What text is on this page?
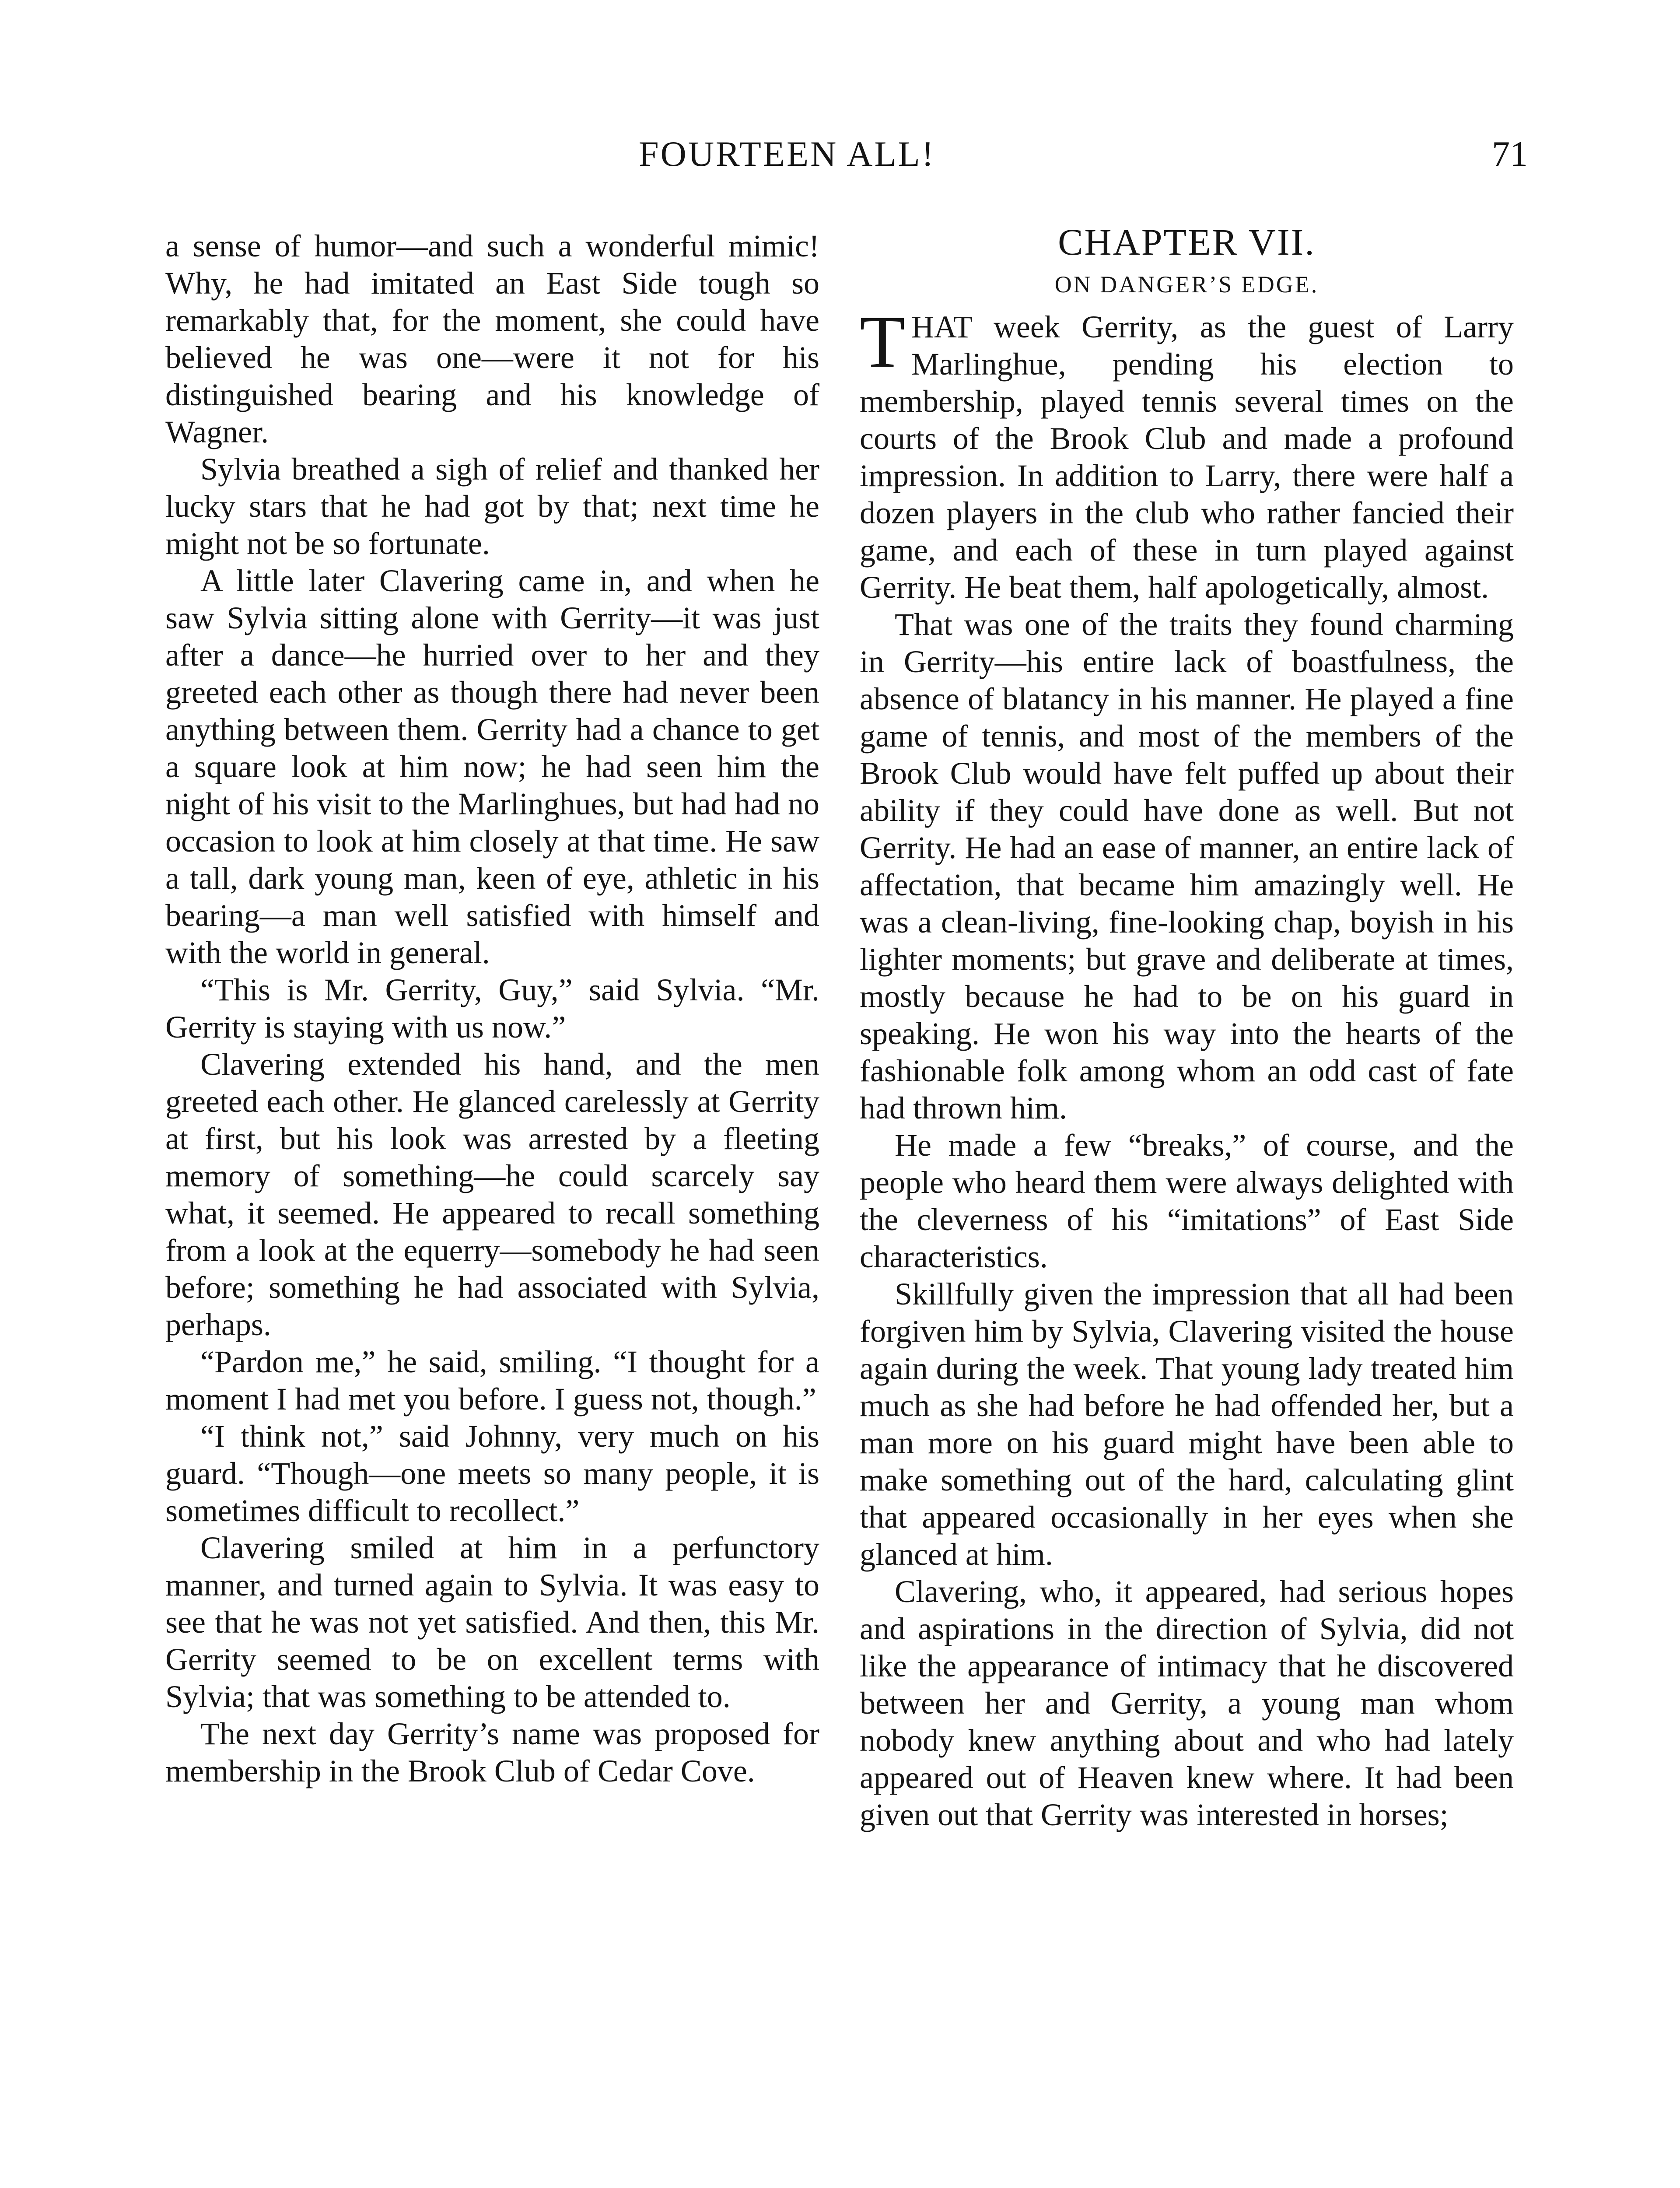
FOURTEEN ALL!	71

a sense of humor—and such a wonderful mimic! Why, he had imitated an East Side tough so remarkably that, for the moment, she could have believed he was one—were it not for his distinguished bearing and his knowledge of Wagner.

Sylvia breathed a sigh of relief and thanked her lucky stars that he had got by that; next time he might not be so fortunate.

A little later Clavering came in, and when he saw Sylvia sitting alone with Gerrity—it was just after a dance—he hurried over to her and they greeted each other as though there had never been anything between them. Gerrity had a chance to get a square look at him now; he had seen him the night of his visit to the Marlinghues, but had had no occasion to look at him closely at that time. He saw a tall, dark young man, keen of eye, athletic in his bearing—a man well satisfied with himself and with the world in general.

“This is Mr. Gerrity, Guy,” said Sylvia. “Mr. Gerrity is staying with us now.”

Clavering extended his hand, and the men greeted each other. He glanced carelessly at Gerrity at first, but his look was arrested by a fleeting memory of something—he could scarcely say what, it seemed. He appeared to recall something from a look at the equerry—somebody he had seen before; something he had associated with Sylvia, perhaps.

“Pardon me,” he said, smiling. “I thought for a moment I had met you before. I guess not, though.”

“I think not,” said Johnny, very much on his guard. “Though—one meets so many people, it is sometimes difficult to recollect.”

Clavering smiled at him in a perfunctory manner, and turned again to Sylvia. It was easy to see that he was not yet satisfied. And then, this Mr. Gerrity seemed to be on excellent terms with Sylvia; that was something to be attended to.

The next day Gerrity’s name was proposed for membership in the Brook Club of Cedar Cove.

CHAPTER VII.
ON DANGER’S EDGE.

THAT week Gerrity, as the guest of Larry Marlinghue, pending his election to membership, played tennis several times on the courts of the Brook Club and made a profound impression. In addition to Larry, there were half a dozen players in the club who rather fancied their game, and each of these in turn played against Gerrity. He beat them, half apologetically, almost.

That was one of the traits they found charming in Gerrity—his entire lack of boastfulness, the absence of blatancy in his manner. He played a fine game of tennis, and most of the members of the Brook Club would have felt puffed up about their ability if they could have done as well. But not Gerrity. He had an ease of manner, an entire lack of affectation, that became him amazingly well. He was a clean-living, fine-looking chap, boyish in his lighter moments; but grave and deliberate at times, mostly because he had to be on his guard in speaking. He won his way into the hearts of the fashionable folk among whom an odd cast of fate had thrown him.

He made a few “breaks,” of course, and the people who heard them were always delighted with the cleverness of his “imitations” of East Side characteristics.

Skillfully given the impression that all had been forgiven him by Sylvia, Clavering visited the house again during the week. That young lady treated him much as she had before he had offended her, but a man more on his guard might have been able to make something out of the hard, calculating glint that appeared occasionally in her eyes when she glanced at him.

Clavering, who, it appeared, had serious hopes and aspirations in the direction of Sylvia, did not like the appearance of intimacy that he discovered between her and Gerrity, a young man whom nobody knew anything about and who had lately appeared out of Heaven knew where. It had been given out that Gerrity was interested in horses;
